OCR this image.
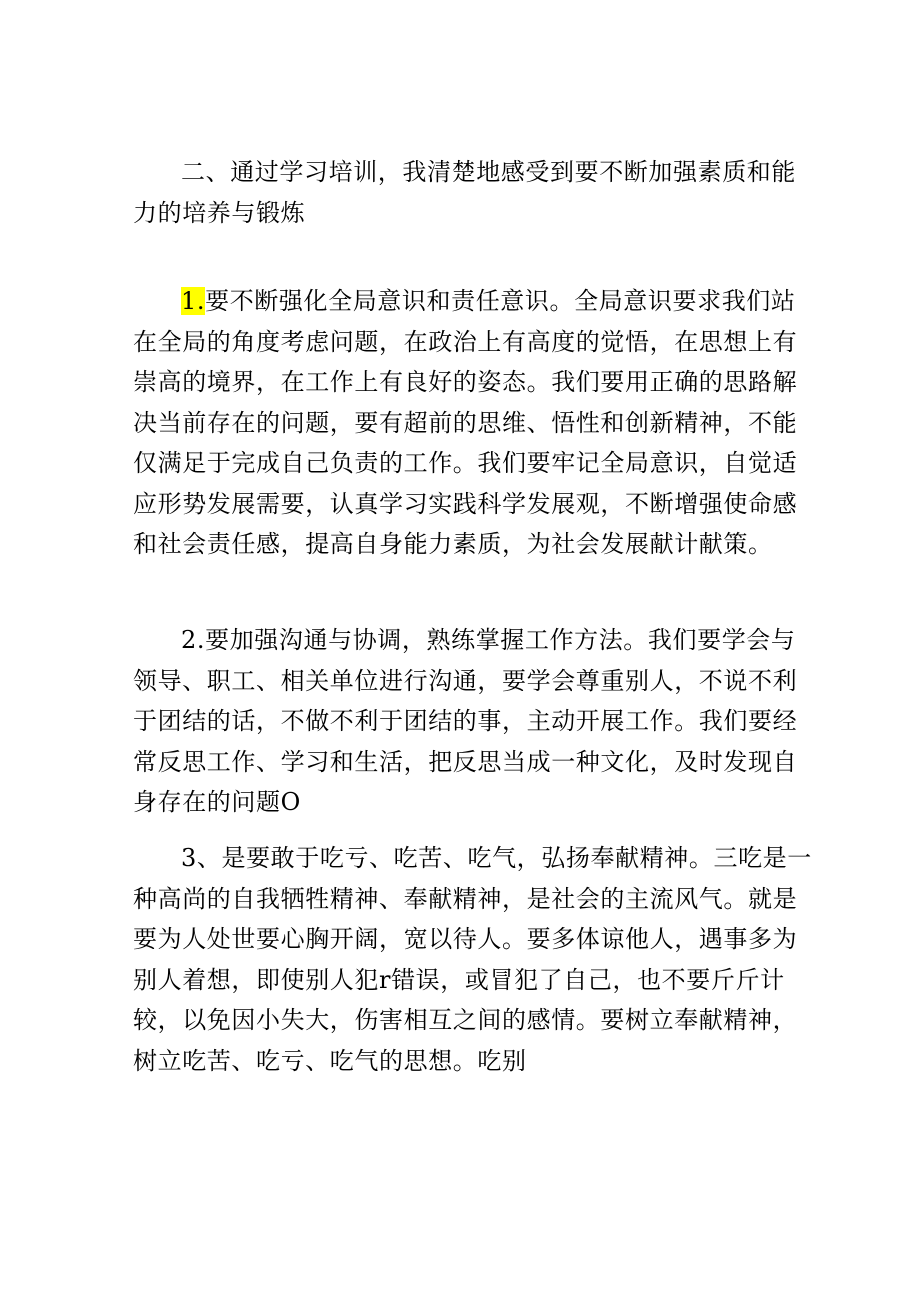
二、通过学习培训，我清楚地感受到要不断加强素质和能力的培养与锻炼

1.要不断强化全局意识和责任意识。全局意识要求我们站在全局的角度考虑问题，在政治上有高度的觉悟，在思想上有崇高的境界，在工作上有良好的姿态。我们要用正确的思路解决当前存在的问题，要有超前的思维、悟性和创新精神，不能仅满足于完成自己负责的工作。我们要牢记全局意识，自觉适应形势发展需要，认真学习实践科学发展观，不断增强使命感和社会责任感，提高自身能力素质，为社会发展献计献策。

2.要加强沟通与协调，熟练掌握工作方法。我们要学会与领导、职工、相关单位进行沟通，要学会尊重别人，不说不利于团结的话，不做不利于团结的事，主动开展工作。我们要经常反思工作、学习和生活，把反思当成一种文化，及时发现自身存在的问题O

3、是要敢于吃亏、吃苦、吃气，弘扬奉献精神。三吃是一种高尚的自我牺牲精神、奉献精神，是社会的主流风气。就是要为人处世要心胸开阔，宽以待人。要多体谅他人，遇事多为别人着想，即使别人犯r错误，或冒犯了自己，也不要斤斤计较，以免因小失大，伤害相互之间的感情。要树立奉献精神，树立吃苦、吃亏、吃气的思想。吃别
